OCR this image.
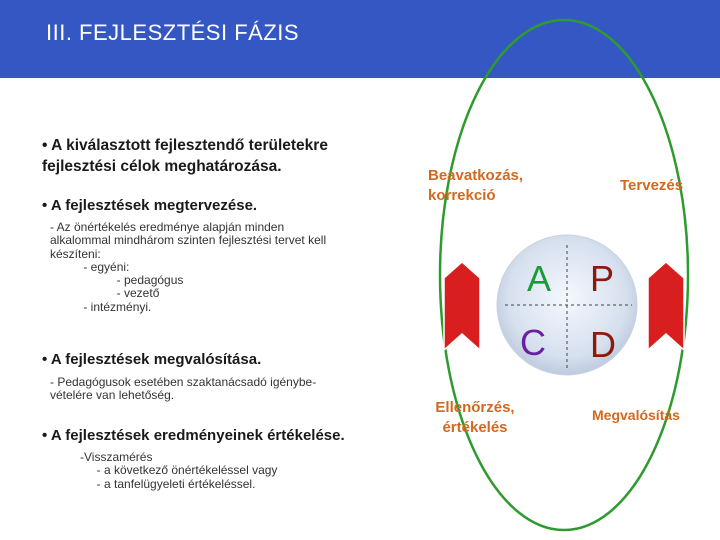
III. FEJLESZTÉSI FÁZIS
• A kiválasztott fejlesztendő területekre fejlesztési célok meghatározása.
• A fejlesztések megtervezése.
- Az önértékelés eredménye alapján minden
alkalommal mindhárom szinten fejlesztési tervet kell
készíteni:
- egyéni:
- pedagógus
- vezető
- intézményi.
• A fejlesztések megvalósítása.
- Pedagógusok esetében szaktanácsadó igénybe-
vételére van lehetőség.
• A fejlesztések eredményeinek értékelése.
-Visszamérés
- a következő önértékeléssel vagy
- a tanfelügyeleti értékeléssel.
Beavatkozás,
korrekció
Tervezés
Ellenőrzés,
értékelés
Megvalósítás
A P
C D
